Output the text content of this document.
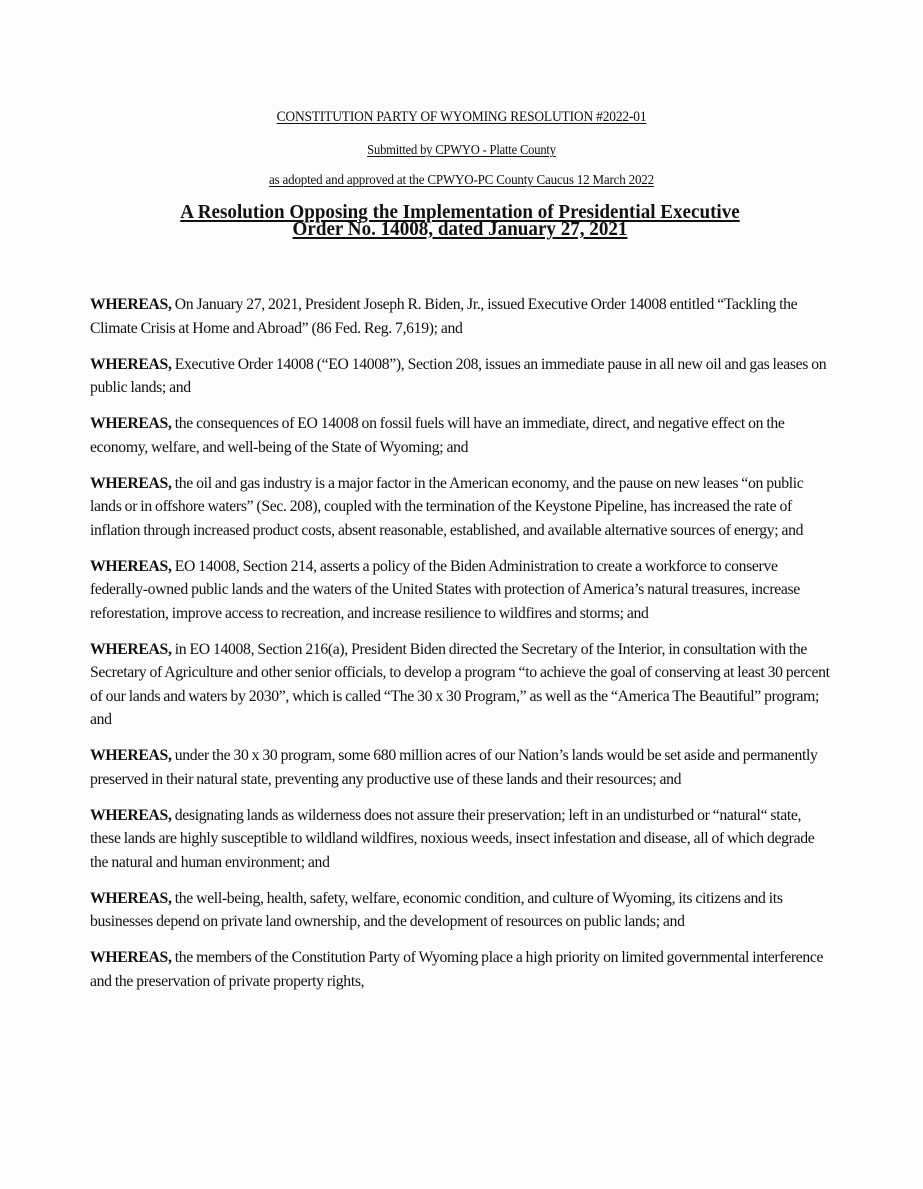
CONSTITUTION PARTY OF WYOMING RESOLUTION #2022-01
Submitted by CPWYO - Platte County
as adopted and approved at the CPWYO-PC County Caucus 12 March 2022
A Resolution Opposing the Implementation of Presidential Executive
Order No. 14008, dated January 27, 2021

WHEREAS, On January 27, 2021, President Joseph R. Biden, Jr., issued Executive Order 14008 entitled “Tackling the Climate Crisis at Home and Abroad” (86 Fed. Reg. 7,619); and

WHEREAS, Executive Order 14008 (“EO 14008”), Section 208, issues an immediate pause in all new oil and gas leases on public lands; and

WHEREAS, the consequences of EO 14008 on fossil fuels will have an immediate, direct, and negative effect on the economy, welfare, and well-being of the State of Wyoming; and

WHEREAS, the oil and gas industry is a major factor in the American economy, and the pause on new leases “on public lands or in offshore waters” (Sec. 208), coupled with the termination of the Keystone Pipeline, has increased the rate of inflation through increased product costs, absent reasonable, established, and available alternative sources of energy; and

WHEREAS, EO 14008, Section 214, asserts a policy of the Biden Administration to create a workforce to conserve federally-owned public lands and the waters of the United States with protection of America’s natural treasures, increase reforestation, improve access to recreation, and increase resilience to wildfires and storms; and

WHEREAS, in EO 14008, Section 216(a), President Biden directed the Secretary of the Interior, in consultation with the Secretary of Agriculture and other senior officials, to develop a program “to achieve the goal of conserving at least 30 percent of our lands and waters by 2030”, which is called “The 30 x 30 Program,” as well as the “America The Beautiful” program; and

WHEREAS, under the 30 x 30 program, some 680 million acres of our Nation’s lands would be set aside and permanently preserved in their natural state, preventing any productive use of these lands and their resources; and

WHEREAS, designating lands as wilderness does not assure their preservation; left in an undisturbed or “natural“ state, these lands are highly susceptible to wildland wildfires, noxious weeds, insect infestation and disease, all of which degrade the natural and human environment; and

WHEREAS, the well-being, health, safety, welfare, economic condition, and culture of Wyoming, its citizens and its businesses depend on private land ownership, and the development of resources on public lands; and

WHEREAS, the members of the Constitution Party of Wyoming place a high priority on limited governmental interference and the preservation of private property rights,
